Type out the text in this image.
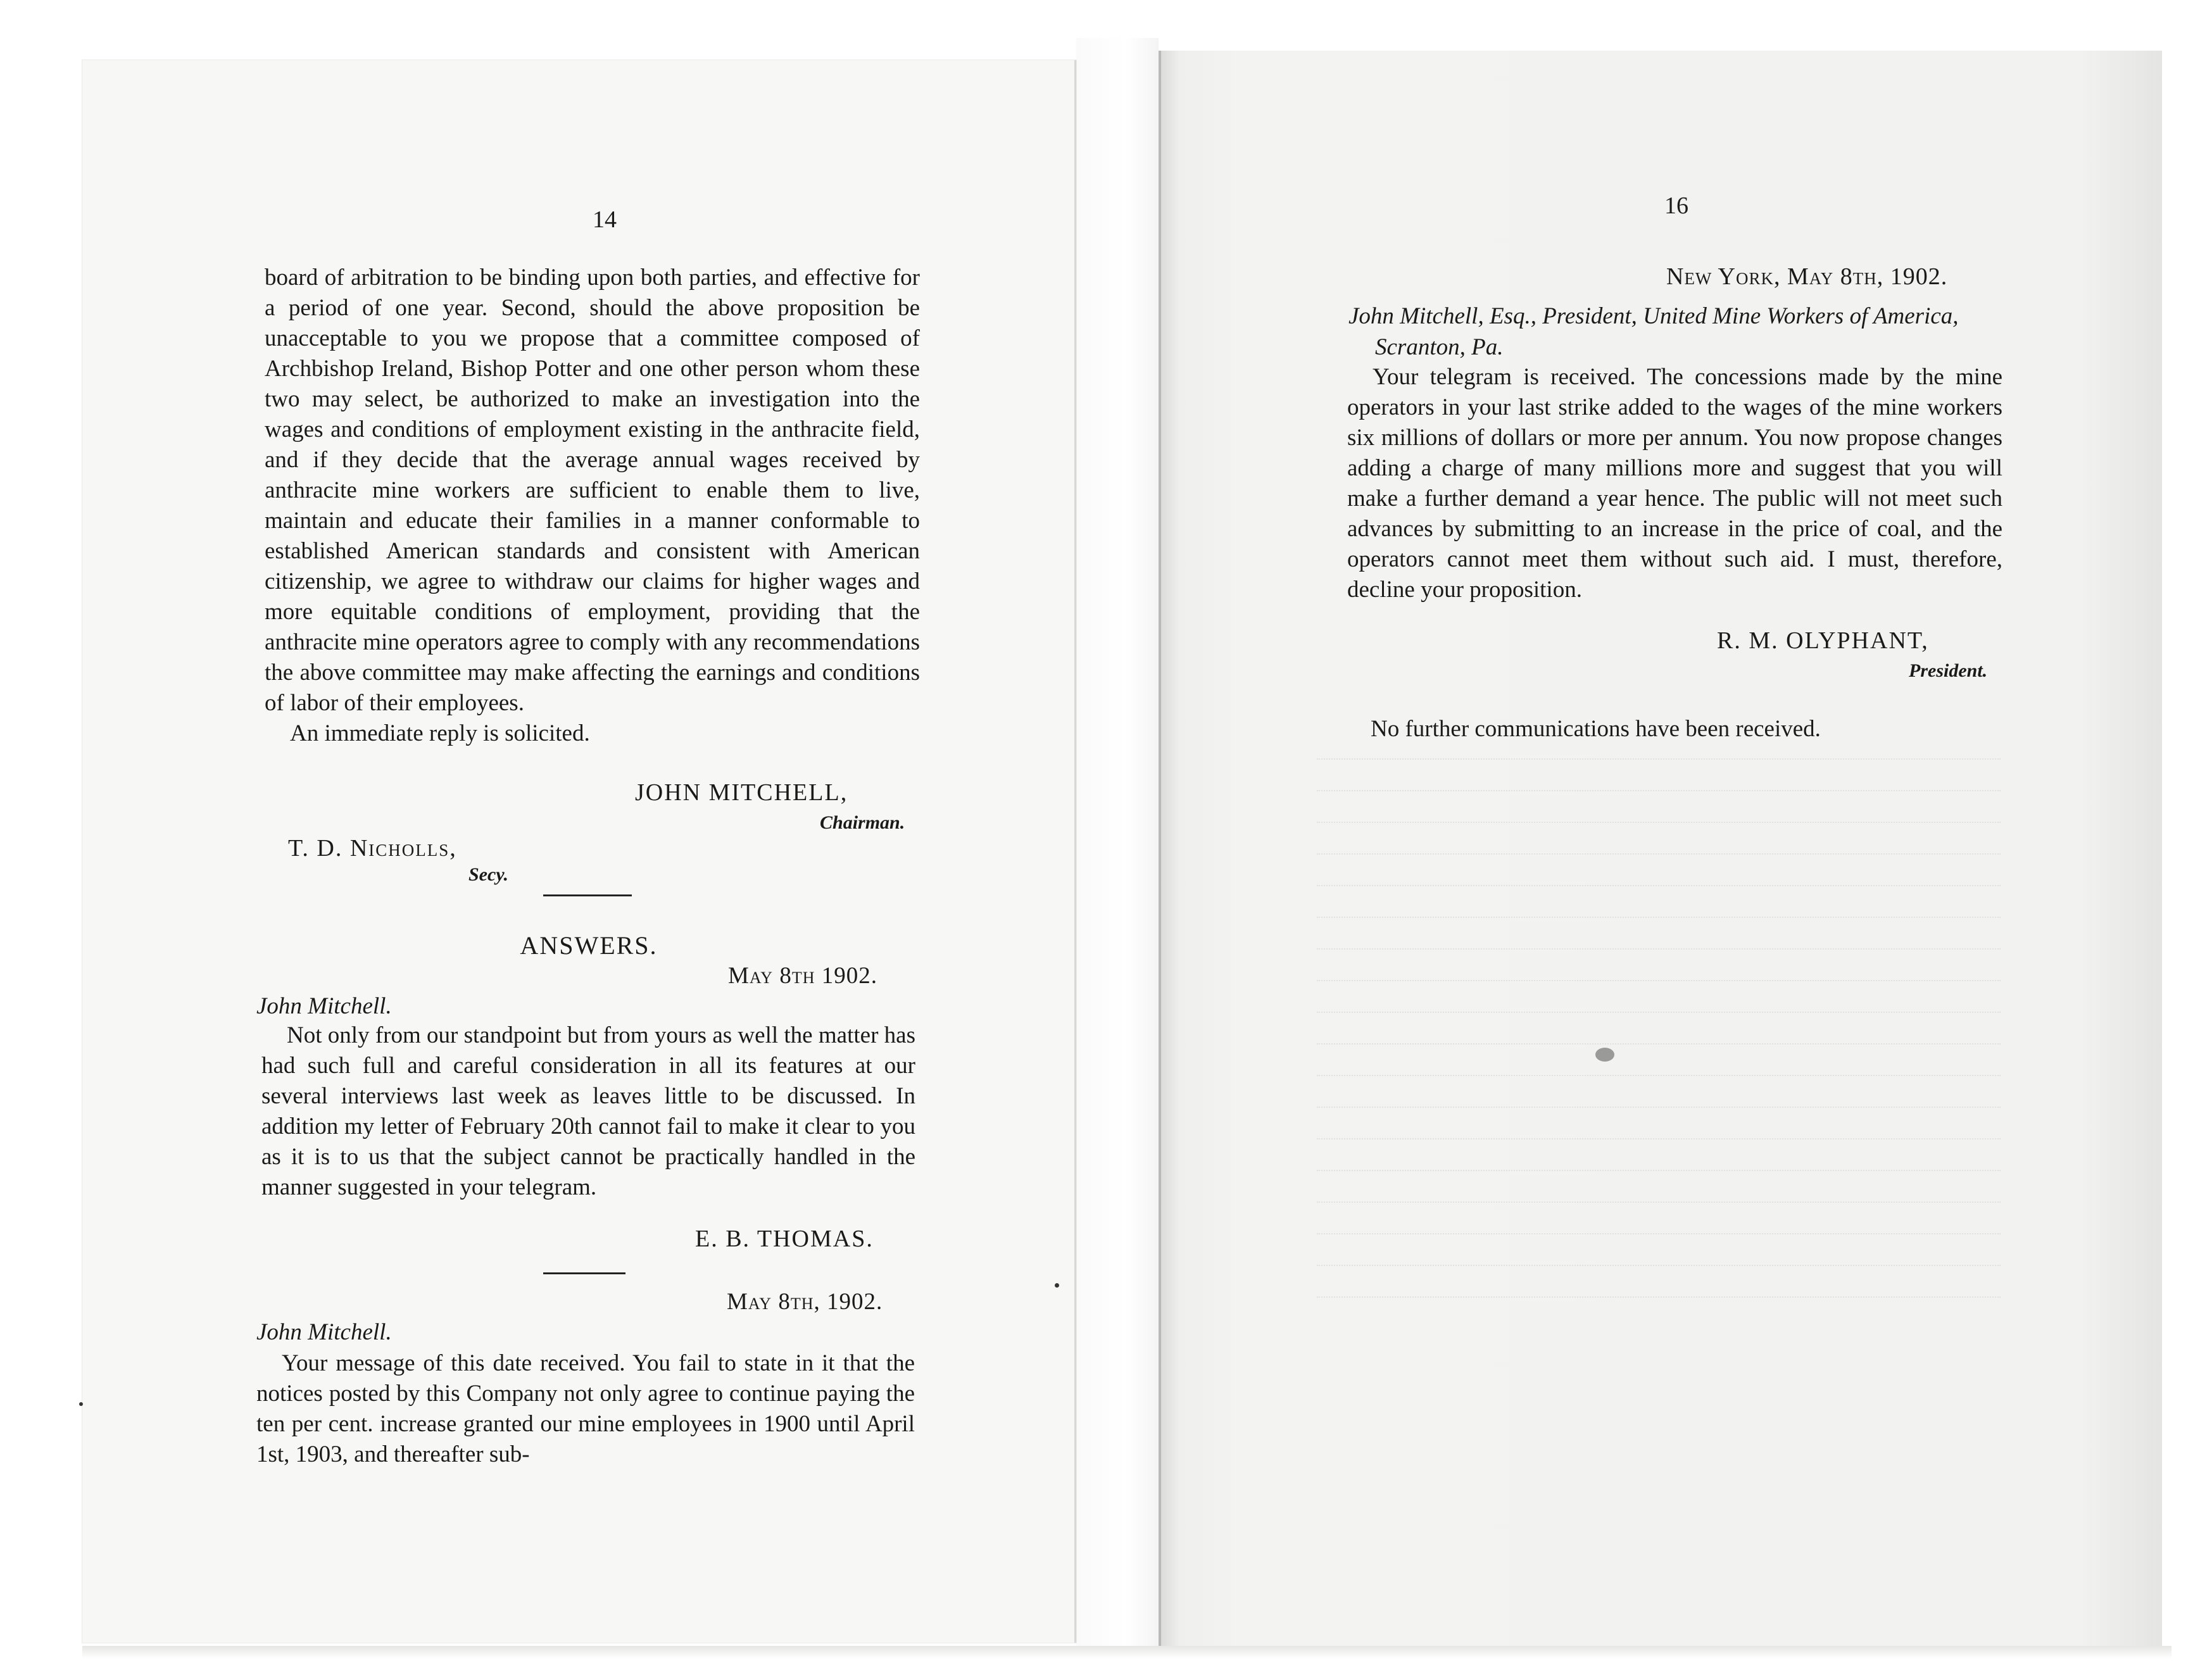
14

board of arbitration to be binding upon both parties, and effective for a period of one year. Second, should the above proposition be unacceptable to you we propose that a committee composed of Archbishop Ireland, Bishop Potter and one other person whom these two may select, be authorized to make an investigation into the wages and conditions of employment existing in the anthracite field, and if they decide that the average annual wages received by anthracite mine workers are sufficient to enable them to live, maintain and educate their families in a manner conformable to established American standards and consistent with American citizenship, we agree to withdraw our claims for higher wages and more equitable conditions of employment, providing that the anthracite mine operators agree to comply with any recommendations the above committee may make affecting the earnings and conditions of labor of their employees.

An immediate reply is solicited.

JOHN MITCHELL,
Chairman.
T. D. Nicholls,
Secy.
ANSWERS.
May 8th 1902.
John Mitchell.

Not only from our standpoint but from yours as well the matter has had such full and careful consideration in all its features at our several interviews last week as leaves little to be discussed. In addition my letter of February 20th cannot fail to make it clear to you as it is to us that the subject cannot be practically handled in the manner suggested in your telegram.

E. B. THOMAS.
May 8th, 1902.
John Mitchell.

Your message of this date received. You fail to state in it that the notices posted by this Company not only agree to continue paying the ten per cent. increase granted our mine employees in 1900 until April 1st, 1903, and thereafter sub-

16
New York, May 8th, 1902.
John Mitchell, Esq., President, United Mine Workers of America,
Scranton, Pa.

Your telegram is received. The concessions made by the mine operators in your last strike added to the wages of the mine workers six millions of dollars or more per annum. You now propose changes adding a charge of many millions more and suggest that you will make a further demand a year hence. The public will not meet such advances by submitting to an increase in the price of coal, and the operators cannot meet them without such aid. I must, therefore, decline your proposition.

R. M. OLYPHANT,
President.
No further communications have been received.
